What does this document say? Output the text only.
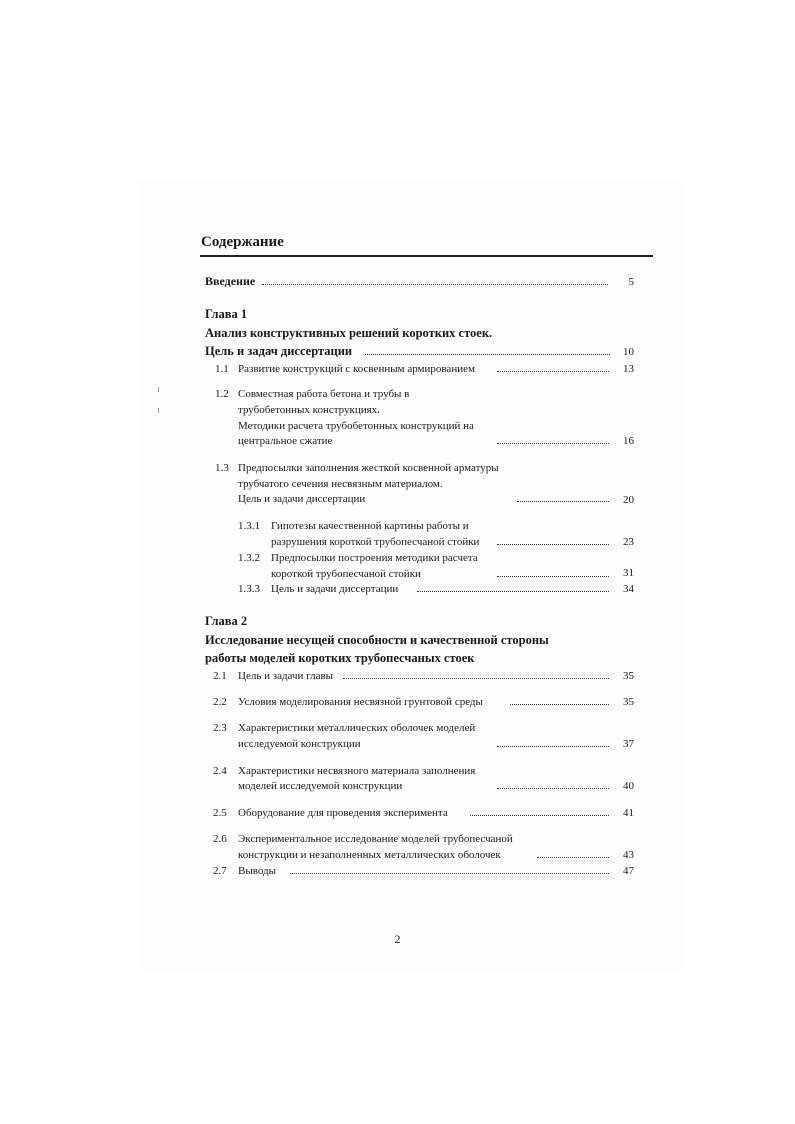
Содержание
Введение	5
Глава 1
Анализ конструктивных решений коротких стоек.
Цель и задач диссертации	10
1.1 Развитие конструкций с косвенным армированием	13
1.2 Совместная работа бетона и трубы в
трубобетонных конструкциях.
Методики расчета трубобетонных конструкций на
центральное сжатие	16
1.3 Предпосылки заполнения жесткой косвенной арматуры
трубчатого сечения несвязным материалом.
Цель и задачи диссертации	20
1.3.1 Гипотезы качественной картины работы и
разрушения короткой трубопесчаной стойки	23
1.3.2 Предпосылки построения методики расчета
короткой трубопесчаной стойки	31
1.3.3 Цель и задачи диссертации	34
Глава 2
Исследование несущей способности и качественной стороны
работы моделей коротких трубопесчаных стоек
2.1 Цель и задачи главы	35
2.2 Условия моделирования несвязной грунтовой среды	35
2.3 Характеристики металлических оболочек моделей
исследуемой конструкции	37
2.4 Характеристики несвязного материала заполнения
моделей исследуемой конструкции	40
2.5 Оборудование для проведения эксперимента	41
2.6 Экспериментальное исследование моделей трубопесчаной
конструкции и незаполненных металлических оболочек	43
2.7 Выводы	47
2
